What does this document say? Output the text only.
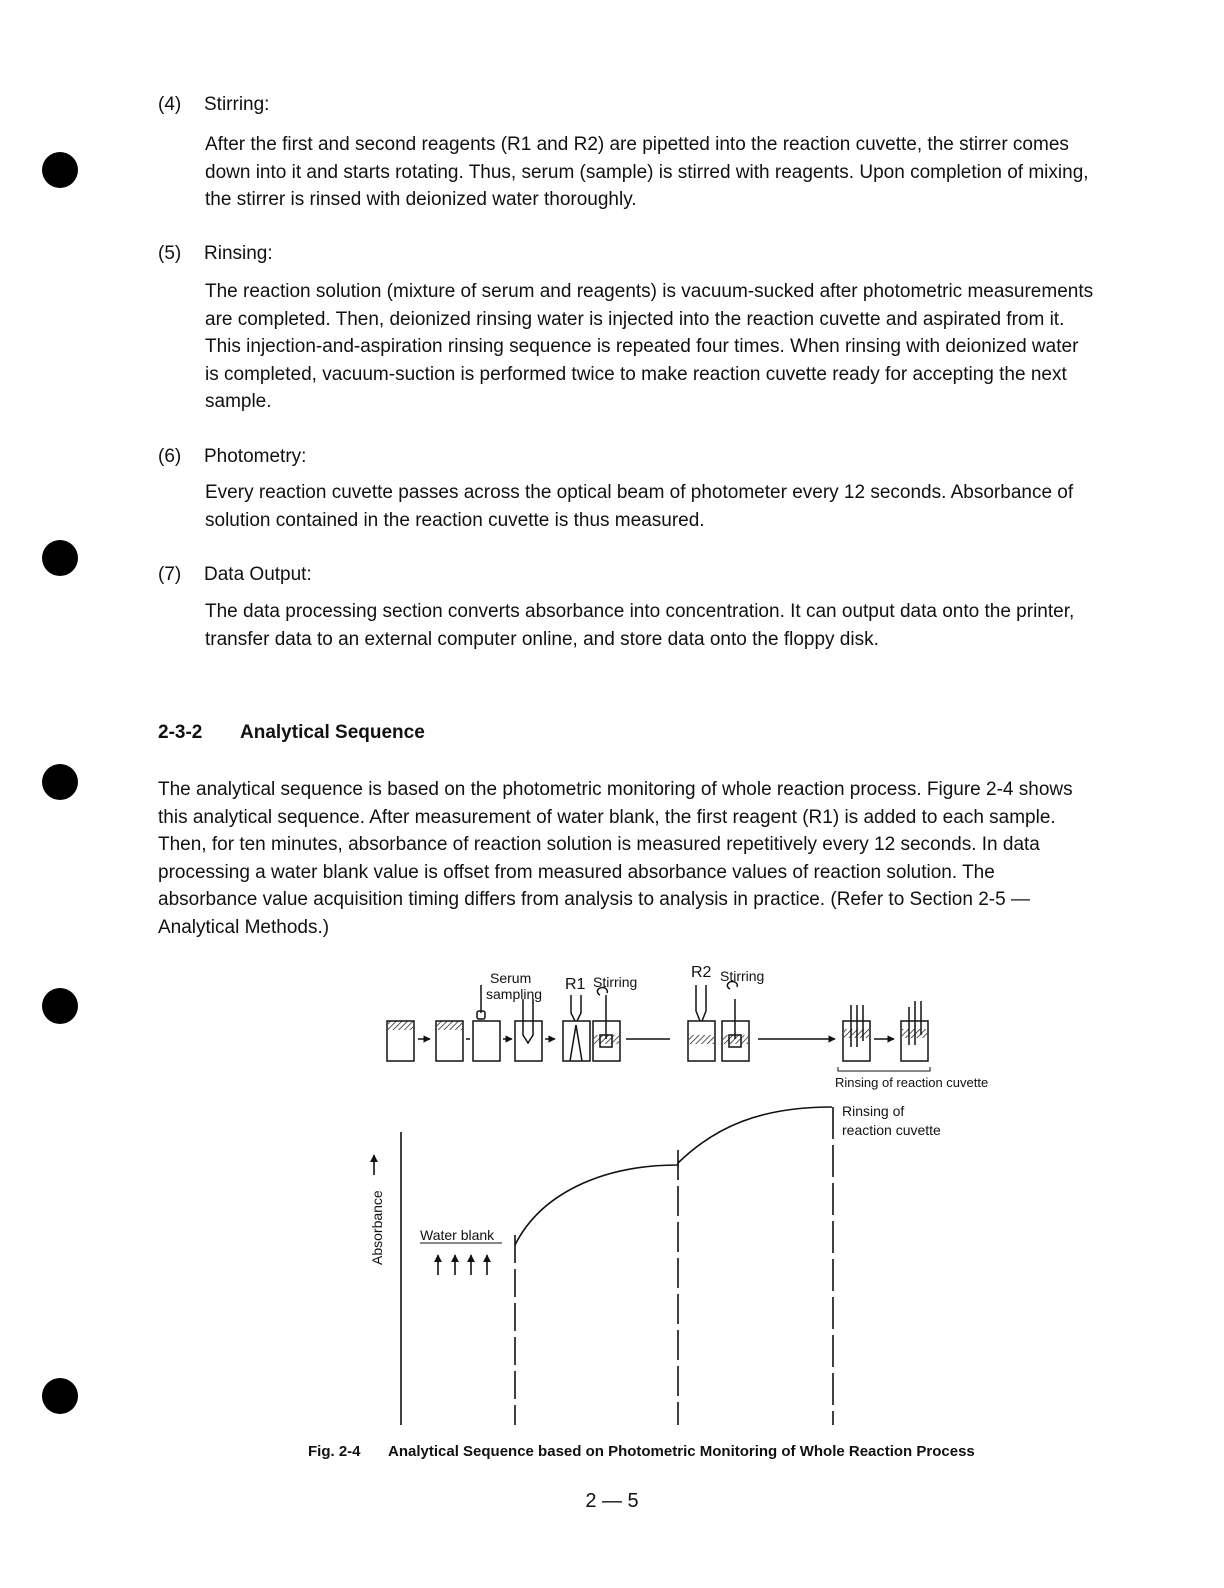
(4) Stirring:

After the first and second reagents (R1 and R2) are pipetted into the reaction cuvette, the stirrer comes down into it and starts rotating. Thus, serum (sample) is stirred with reagents. Upon completion of mixing, the stirrer is rinsed with deionized water thoroughly.

(5) Rinsing:

The reaction solution (mixture of serum and reagents) is vacuum-sucked after photometric measurements are completed. Then, deionized rinsing water is injected into the reaction cuvette and aspirated from it. This injection-and-aspiration rinsing sequence is repeated four times. When rinsing with deionized water is completed, vacuum-suction is performed twice to make reaction cuvette ready for accepting the next sample.

(6) Photometry:

Every reaction cuvette passes across the optical beam of photometer every 12 seconds. Absorbance of solution contained in the reaction cuvette is thus measured.

(7) Data Output:

The data processing section converts absorbance into concentration. It can output data onto the printer, transfer data to an external computer online, and store data onto the floppy disk.

2-3-2 Analytical Sequence

The analytical sequence is based on the photometric monitoring of whole reaction process. Figure 2-4 shows this analytical sequence. After measurement of water blank, the first reagent (R1) is added to each sample. Then, for ten minutes, absorbance of reaction solution is measured repetitively every 12 seconds. In data processing a water blank value is offset from measured absorbance values of reaction solution. The absorbance value acquisition timing differs from analysis to analysis in practice. (Refer to Section 2-5 — Analytical Methods.)

Serum
sampling
R1 Stirring
R2 Stirring
Rinsing of reaction cuvette
Rinsing of
reaction cuvette
Absorbance	Water blank
Fig. 2-4 Analytical Sequence based on Photometric Monitoring of Whole Reaction Process
2 — 5
